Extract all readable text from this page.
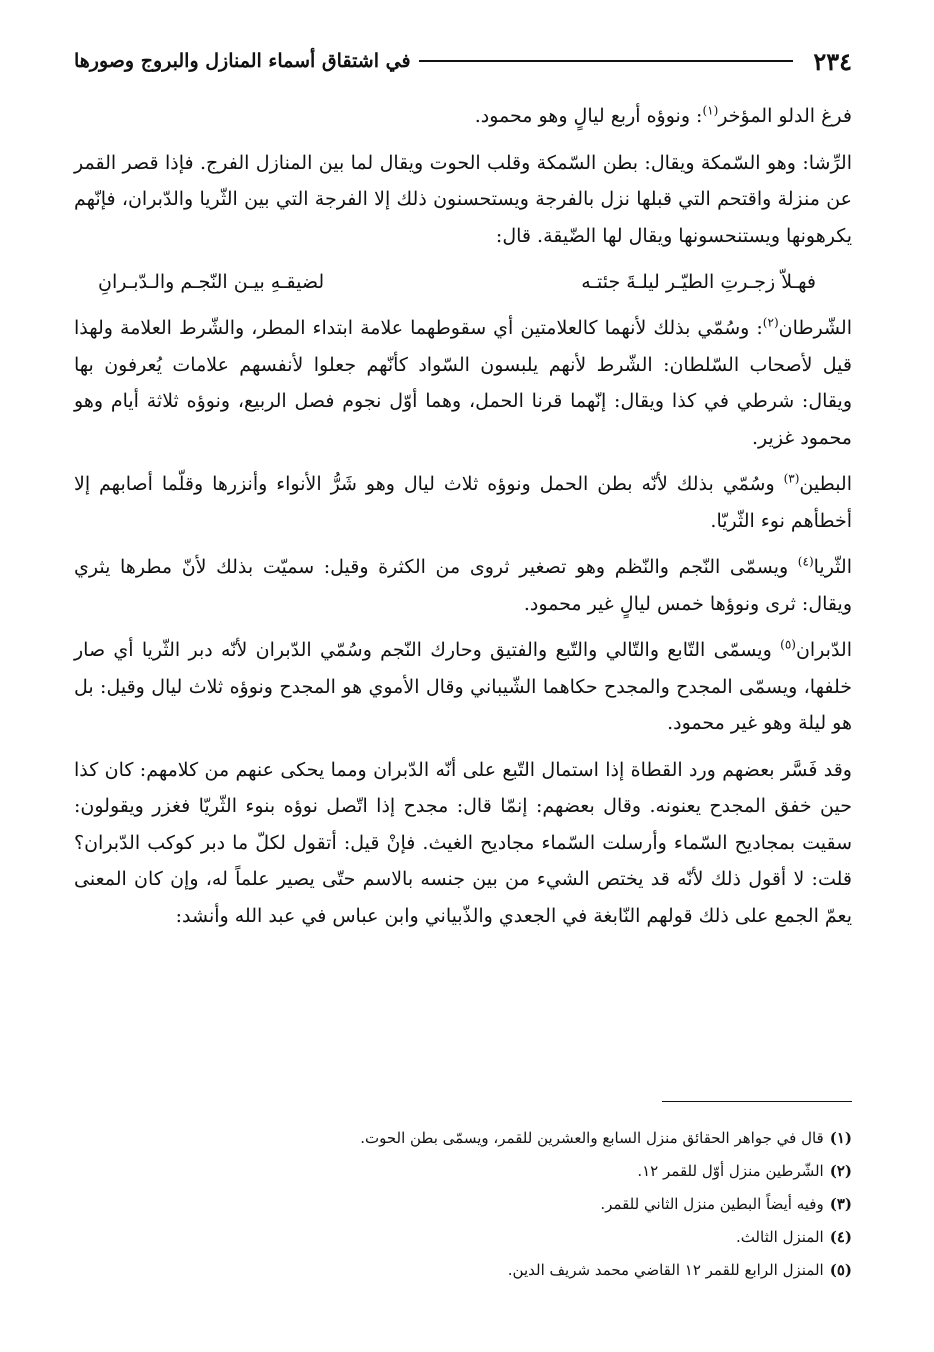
٢٣٤
في اشتقاق أسماء المنازل والبروج وصورها

فرغ الدلو المؤخر$^{(١)}$: ونوؤه أربع ليالٍ وهو محمود.

الرِّشا: وهو السّمكة ويقال: بطن السّمكة وقلب الحوت ويقال لما بين المنازل الفرج. فإذا قصر القمر عن منزلة واقتحم التي قبلها نزل بالفرجة ويستحسنون ذلك إلا الفرجة التي بين الثّريا والدّبران، فإنّهم يكرهونها ويستنحسونها ويقال لها الضّيقة. قال:

فهـلاّ زجـرتِ الطيّـر ليلـةَ جئتـه
لضيقـهِ بيـن النّجـم والـدّبـرانِ

الشّرطان$^{(٢)}$: وسُمّي بذلك لأنهما كالعلامتين أي سقوطهما علامة ابتداء المطر، والشّرط العلامة ولهذا قيل لأصحاب السّلطان: الشّرط لأنهم يلبسون السّواد كأنّهم جعلوا لأنفسهم علامات يُعرفون بها ويقال: شرطي في كذا ويقال: إنّهما قرنا الحمل، وهما أوّل نجوم فصل الربيع، ونوؤه ثلاثة أيام وهو محمود غزير.

البطين$^{(٣)}$ وسُمّي بذلك لأنّه بطن الحمل ونوؤه ثلاث ليال وهو شَرُّ الأنواء وأنزرها وقلّما أصابهم إلا أخطأهم نوء الثّريّا.

الثّريا$^{(٤)}$ ويسمّى النّجم والنّظم وهو تصغير ثروى من الكثرة وقيل: سميّت بذلك لأنّ مطرها يثري ويقال: ثرى ونوؤها خمس ليالٍ غير محمود.

الدّبران$^{(٥)}$ ويسمّى التّابع والتّالي والتّبع والفتيق وحارك النّجم وسُمّي الدّبران لأنّه دبر الثّريا أي صار خلفها، ويسمّى المجدح والمجدح حكاهما الشّيباني وقال الأموي هو المجدح ونوؤه ثلاث ليال وقيل: بل هو ليلة وهو غير محمود.

وقد فَسَّر بعضهم ورد القطاة إذا استمال التّبع على أنّه الدّبران ومما يحكى عنهم من كلامهم: كان كذا حين خفق المجدح يعنونه. وقال بعضهم: إنمّا قال: مجدح إذا اتّصل نوؤه بنوء الثّريّا فغزر ويقولون: سقيت بمجاديح السّماء وأرسلت السّماء مجاديح الغيث. فإنْ قيل: أتقول لكلّ ما دبر كوكب الدّبران؟ قلت: لا أقول ذلك لأنّه قد يختص الشيء من بين جنسه بالاسم حتّى يصير علماً له، وإن كان المعنى يعمّ الجمع على ذلك قولهم النّابغة في الجعدي والذّبياني وابن عباس في عبد الله وأنشد:

(١)قال في جواهر الحقائق منزل السابع والعشرين للقمر، ويسمّى بطن الحوت.
(٢)الشّرطين منزل أوّل للقمر ١٢.
(٣)وفيه أيضاً البطين منزل الثاني للقمر.
(٤)المنزل الثالث.
(٥)المنزل الرابع للقمر ١٢ القاضي محمد شريف الدين.
